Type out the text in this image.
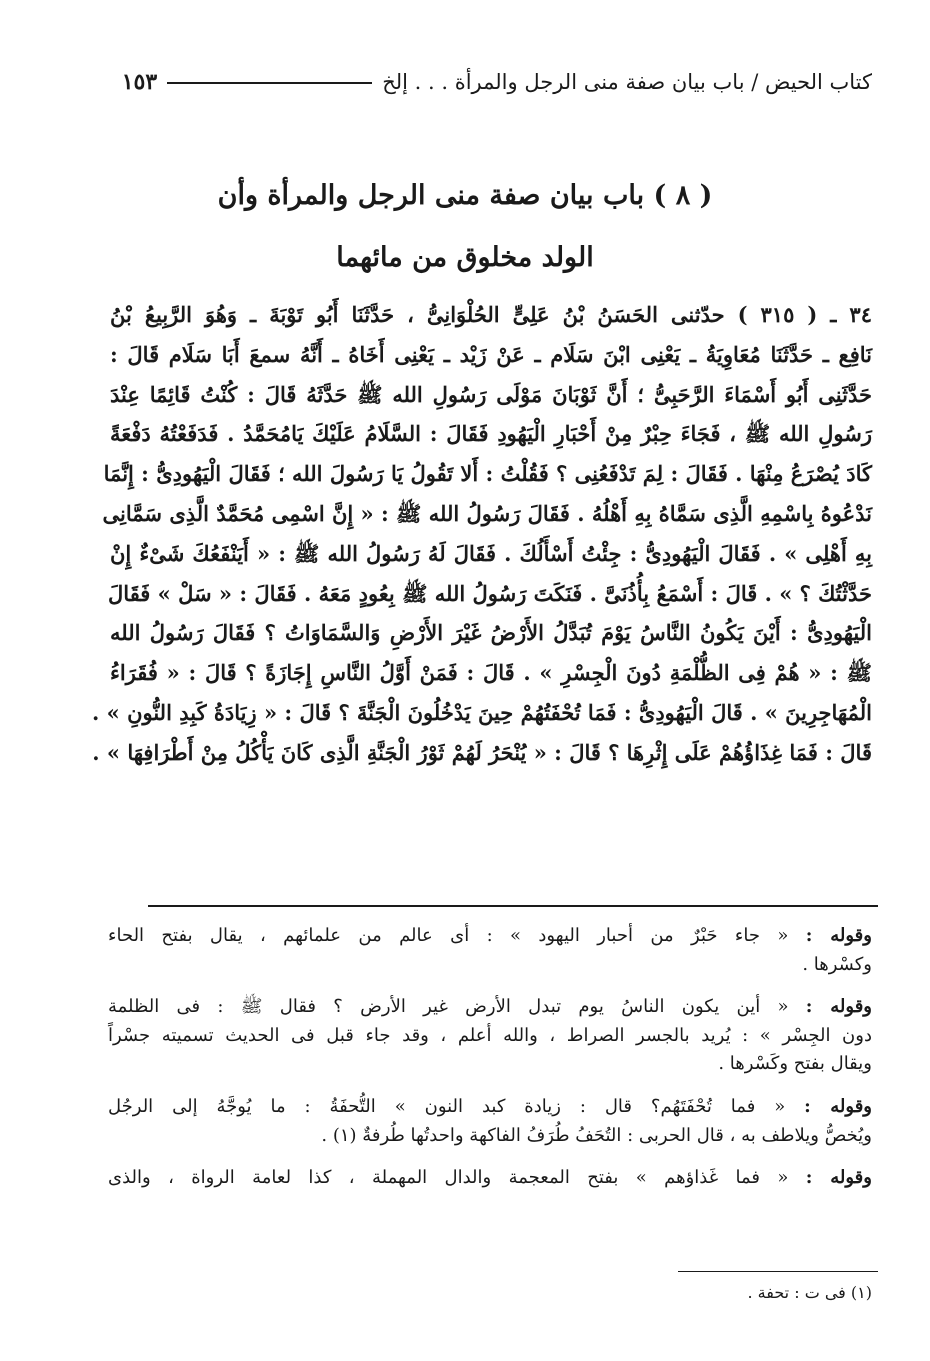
كتاب الحيض / باب بيان صفة منى الرجل والمرأة . . . إلخ
١٥٣
( ٨ ) باب بيان صفة منى الرجل والمرأة وأن
الولد مخلوق من مائهما
٣٤ ـ ( ٣١٥ ) حدّثنى الحَسَنُ بْنُ عَلِىٍّ الحُلْوَانِىُّ ، حَدَّثَنَا أَبُو تَوْبَةَ ـ وَهُوَ الرَّبِيعُ بْنُ
نَافِع ـ حَدَّثَنَا مُعَاوِيَةُ ـ يَعْنِى ابْنَ سَلَام ـ عَنْ زَيْد ـ يَعْنِى أَخَاهُ ـ أَنَّهُ سمعَ أَبَا سَلَام قَالَ :
حَدَّثَنِى أَبُو أَسْمَاءَ الرَّحَبِىُّ ؛ أَنَّ ثَوْبَانَ مَوْلَى رَسُولِ الله ﷺ حَدَّثَهُ قَالَ : كُنْتُ قَائِمًا عِنْدَ
رَسُولِ الله ﷺ ، فَجَاءَ حِبْرٌ مِنْ أَحْبَارِ الْيَهُودِ فَقَالَ : السَّلَامُ عَلَيْكَ يَامُحَمَّدُ . فَدَفَعْتُهُ دَفْعَةً
كَادَ يُصْرَعُ مِنْهَا . فَقَالَ : لِمَ تَدْفَعُنِى ؟ فَقُلْتُ : أَلا تَقُولُ يَا رَسُولَ الله ؛ فَقَالَ الْيَهُودِىُّ : إِنَّمَا
نَدْعُوهُ بِاسْمِهِ الَّذِى سَمَّاهُ بِهِ أَهْلُهُ . فَقَالَ رَسُولُ الله ﷺ : « إِنَّ اسْمِى مُحَمَّدٌ الَّذِى سَمَّانِى
بِهِ أَهْلِى » . فَقَالَ الْيَهُودِىُّ : جِئْتُ أَسْأَلُكَ . فَقَالَ لَهُ رَسُولُ الله ﷺ : « أَيَنْفَعُكَ شَىْءٌ إِنْ
حَدَّثْتُكَ ؟ » . قَالَ : أَسْمَعُ بِأُذُنَىَّ . فَنَكَتَ رَسُولُ الله ﷺ بِعُودٍ مَعَهُ . فَقَالَ : « سَلْ » فَقَالَ
الْيَهُودِىُّ : أَيْنَ يَكُونُ النَّاسُ يَوْمَ تُبَدَّلُ الأَرْضُ غَيْرَ الأَرْضِ وَالسَّمَاوَاتُ ؟ فَقَالَ رَسُولُ الله
ﷺ : « هُمْ فِى الظُّلْمَةِ دُونَ الْجِسْرِ » . قَالَ : فَمَنْ أَوَّلُ النَّاسِ إِجَازَةً ؟ قَالَ : « فُقَرَاءُ
الْمُهَاجِرِينَ » . قَالَ الْيَهُودِىُّ : فَمَا تُحْفَتُهُمْ حِينَ يَدْخُلُونَ الْجَنَّةَ ؟ قَالَ : « زِيَادَةُ كَبِدِ النُّونِ » .
قَالَ : فَمَا غِذَاؤُهُمْ عَلَى إِثْرِهَا ؟ قَالَ : « يُنْحَرُ لَهُمْ ثَوْرُ الْجَنَّةِ الَّذِى كَانَ يَأْكُلُ مِنْ أَطْرَافِهَا » .
وقوله : « جاء حَبْرٌ من أحبار اليهود » : أى عالم من علمائهم ، يقال بفتح الحاء
وكسْرها .
وقوله : « أين يكون الناسُ يوم تبدل الأرض غير الأرض ؟ فقال ﷺ : فى الظلمة
دون الجِسْر » : يُريد بالجسر الصراط ، والله أعلم ، وقد جاء قبل فى الحديث تسميته جسْراً
ويقال بفتح وكَسْرها .
وقوله : « فما تُحْفَتَهُم؟ قال : زيادة كبد النون » التُّحفَةُ : ما يُوجَّهُ إلى الرجُل
ويُخصُّ ويلاطف به ، قال الحربى : التُحَفُ طُرَفُ الفاكهة واحدتُها طُرفةٌ (١) .
وقوله : « فما غَذاؤهم » بفتح المعجمة والدال المهملة ، كذا لعامة الرواة ، والذى
(١) فى ت : تحفة .
